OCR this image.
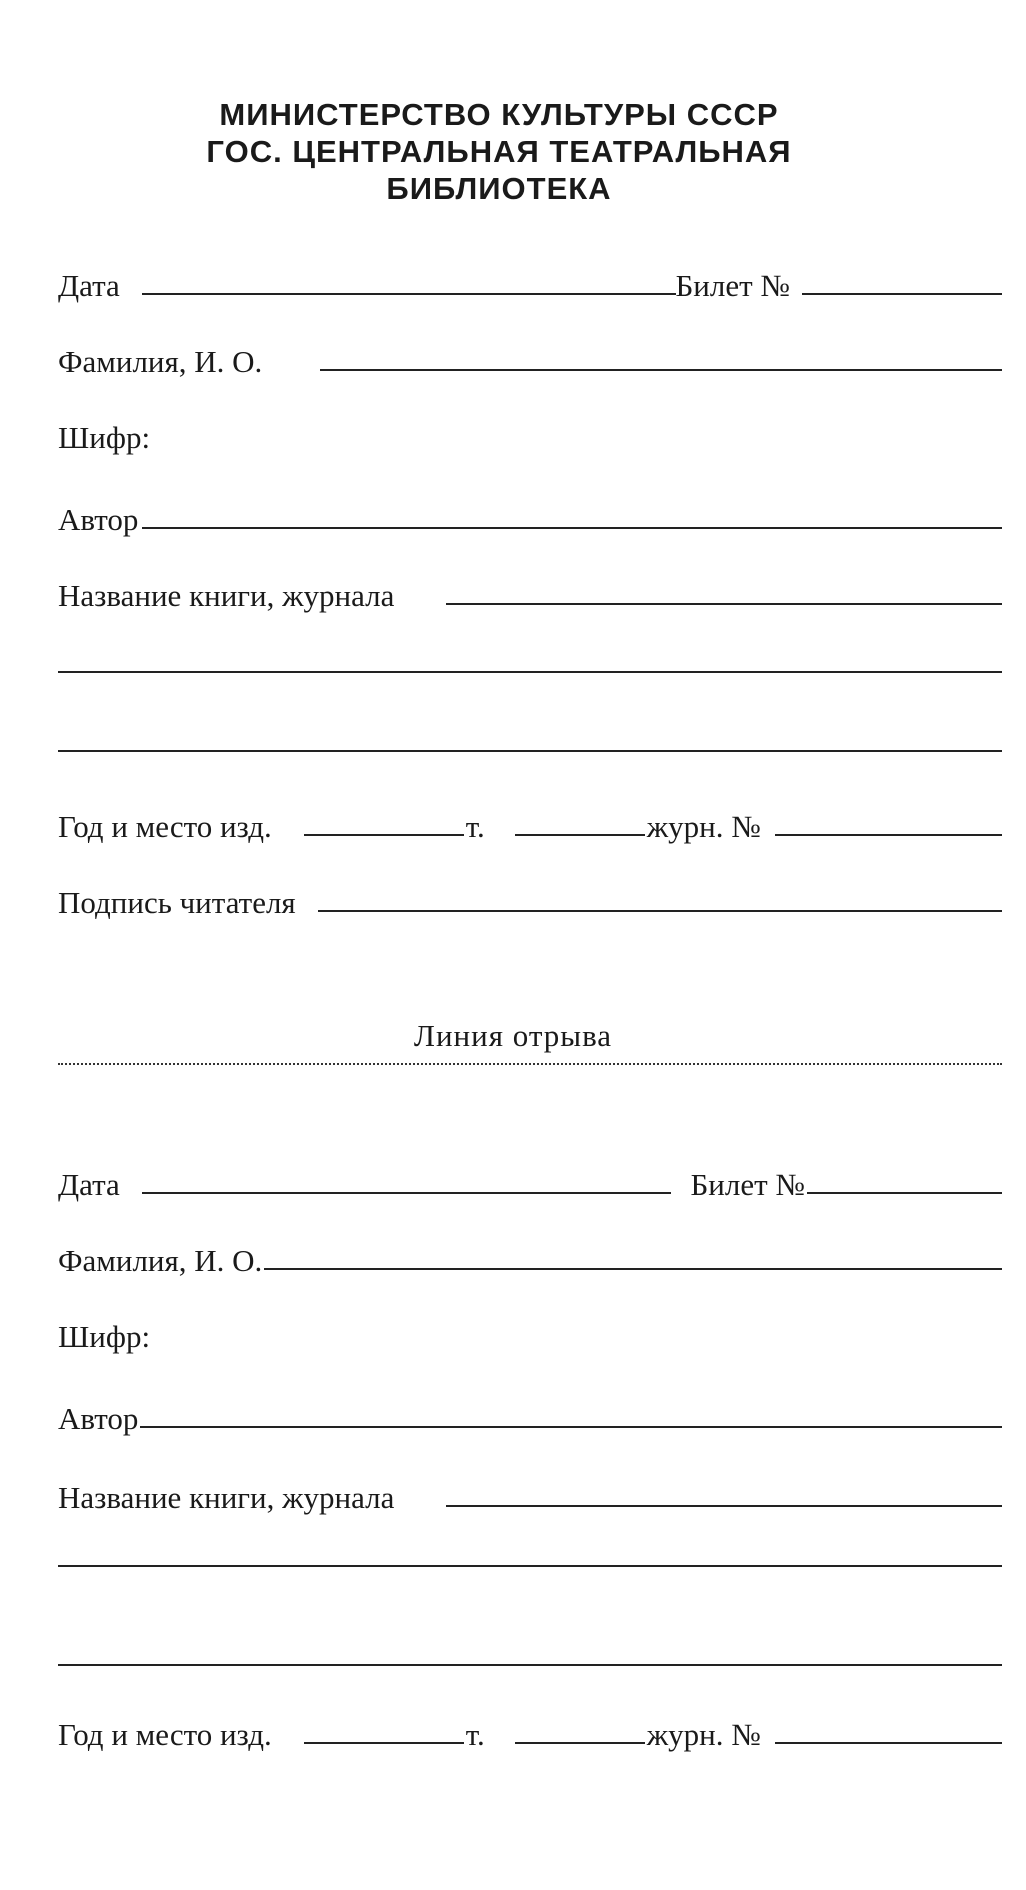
МИНИСТЕРСТВО КУЛЬТУРЫ СССР
ГОС. ЦЕНТРАЛЬНАЯ ТЕАТРАЛЬНАЯ
БИБЛИОТЕКА
Дата	Билет №
Фамилия, И. О.
Шифр:
Автор
Название книги, журнала
Год и место изд.	т.	журн. №
Подпись читателя
Линия отрыва
Дата	Билет №
Фамилия, И. О.
Шифр:
Автор
Название книги, журнала
Год и место изд.	т.	журн. №
